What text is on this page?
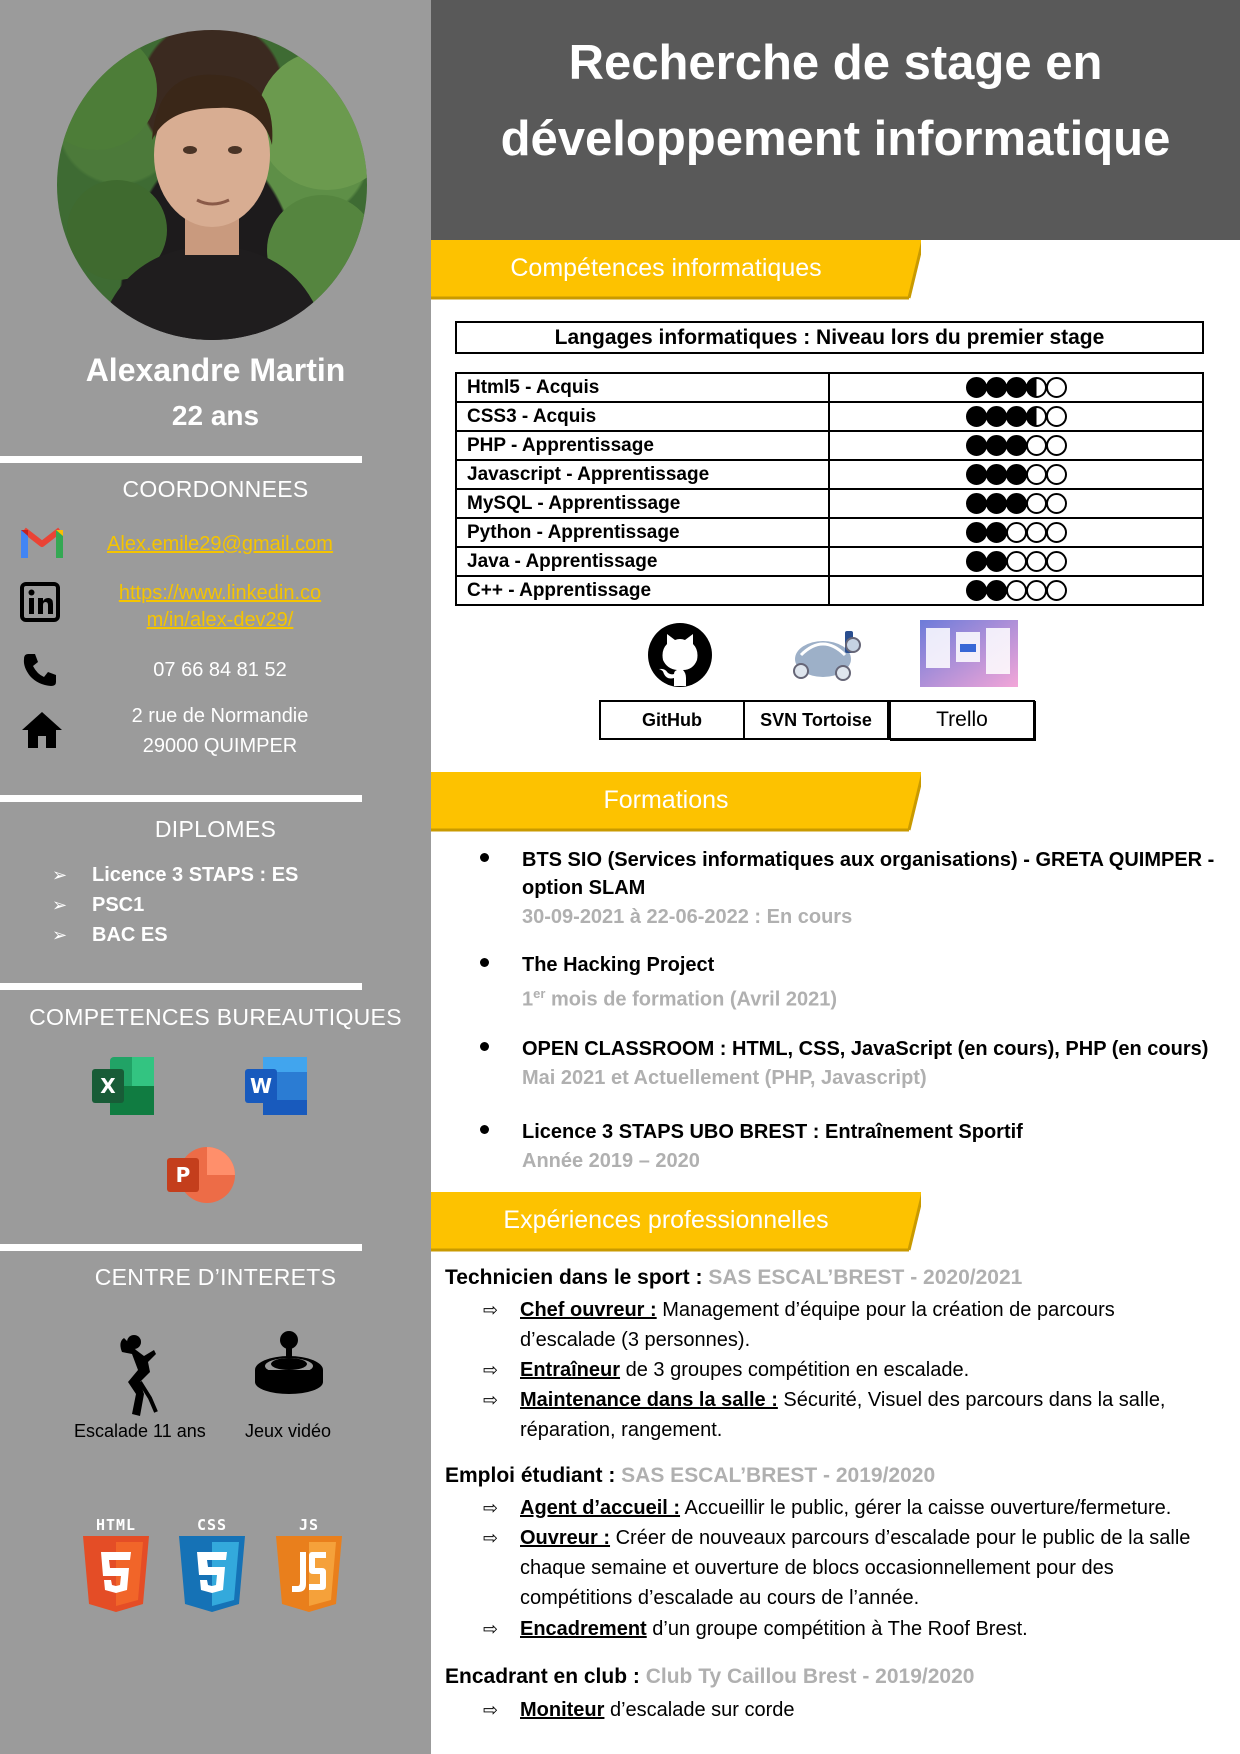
Alexandre Martin
22 ans
COORDONNEES
Alex.emile29@gmail.com
https://www.linkedin.co
m/in/alex-dev29/
07 66 84 81 52
2 rue de Normandie
29000 QUIMPER
DIPLOMES
➢	Licence 3 STAPS : ES
➢	PSC1
➢	BAC ES
COMPETENCES BUREAUTIQUES
X	W
P
CENTRE D’INTERETS
Escalade 11 ans Jeux vidéo
HTML	CSS	JS
Recherche de stage en
développement informatique
Compétences informatiques
Langages informatiques : Niveau lors du premier stage
Html5 - Acquis	

CSS3 - Acquis	

PHP - Apprentissage	

Javascript - Apprentissage	

MySQL - Apprentissage	

Python - Apprentissage	

Java - Apprentissage	

C++ - Apprentissage	
GitHub	SVN Tortoise	Trello
Formations
BTS SIO (Services informatiques aux organisations) - GRETA QUIMPER -
option SLAM
30-09-2021 à 22-06-2022 : En cours
The Hacking Project
1er mois de formation (Avril 2021)
OPEN CLASSROOM : HTML, CSS, JavaScript (en cours), PHP (en cours)
Mai 2021 et Actuellement (PHP, Javascript)
Licence 3 STAPS UBO BREST : Entraînement Sportif
Année 2019 – 2020
Expériences professionnelles
Technicien dans le sport : SAS ESCAL’BREST - 2020/2021
⇨ Chef ouvreur : Management d’équipe pour la création de parcours
d’escalade (3 personnes).
⇨ Entraîneur de 3 groupes compétition en escalade.
⇨ Maintenance dans la salle : Sécurité, Visuel des parcours dans la salle,
réparation, rangement.
Emploi étudiant : SAS ESCAL’BREST - 2019/2020
⇨ Agent d’accueil : Accueillir le public, gérer la caisse ouverture/fermeture.
⇨ Ouvreur : Créer de nouveaux parcours d’escalade pour le public de la salle
chaque semaine et ouverture de blocs occasionnellement pour des
compétitions d’escalade au cours de l’année.
⇨ Encadrement d’un groupe compétition à The Roof Brest.
Encadrant en club : Club Ty Caillou Brest - 2019/2020
⇨ Moniteur d’escalade sur corde
